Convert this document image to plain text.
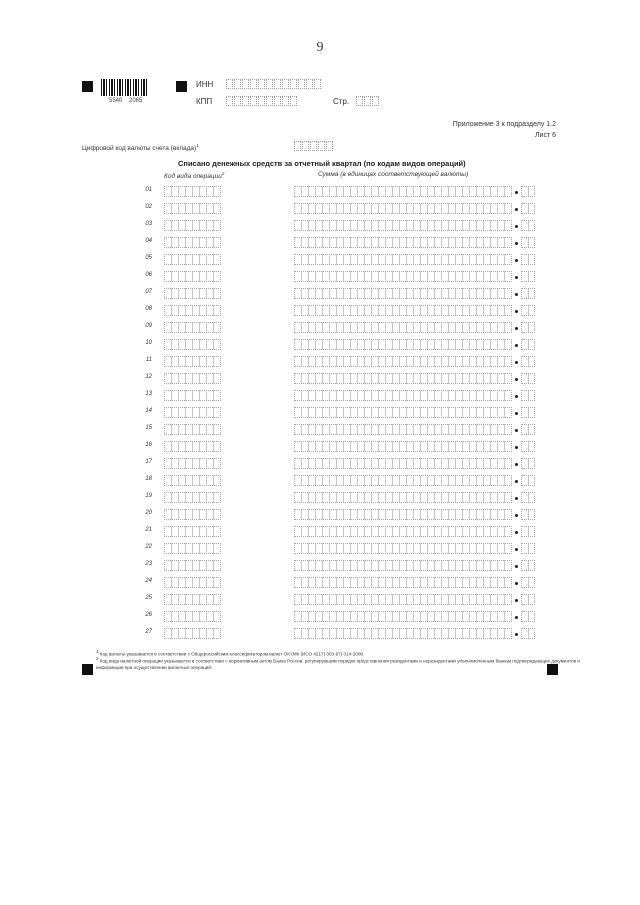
9
5540 2065
ИНН
КПП	Стр.
Приложение 3 к подразделу 1.2
Лист 6
Цифровой код валюты счета (вклада)$^1$
Списано денежных средств за отчетный квартал (по кодам видов операций)
Код вида операции$^2$	Сумма (в единицах соответствующей валюты)
01
02
03
04
05
06
07
08
09
10
11
12
13
14
15
16
17
18
19
20
21
22
23
24
25
26
27
1 Код валюты указывается в соответствии с Общероссийским классификатором валют ОК (МК (ИСО 4217) 003-97) 014-2000.
2 Код вида валютной операции указывается в соответствии с нормативным актом Банка России, регулирующим порядок представления резидентами и нерезидентами уполномоченным банкам подтверждающих документов и информации при осуществлении валютных операций.
